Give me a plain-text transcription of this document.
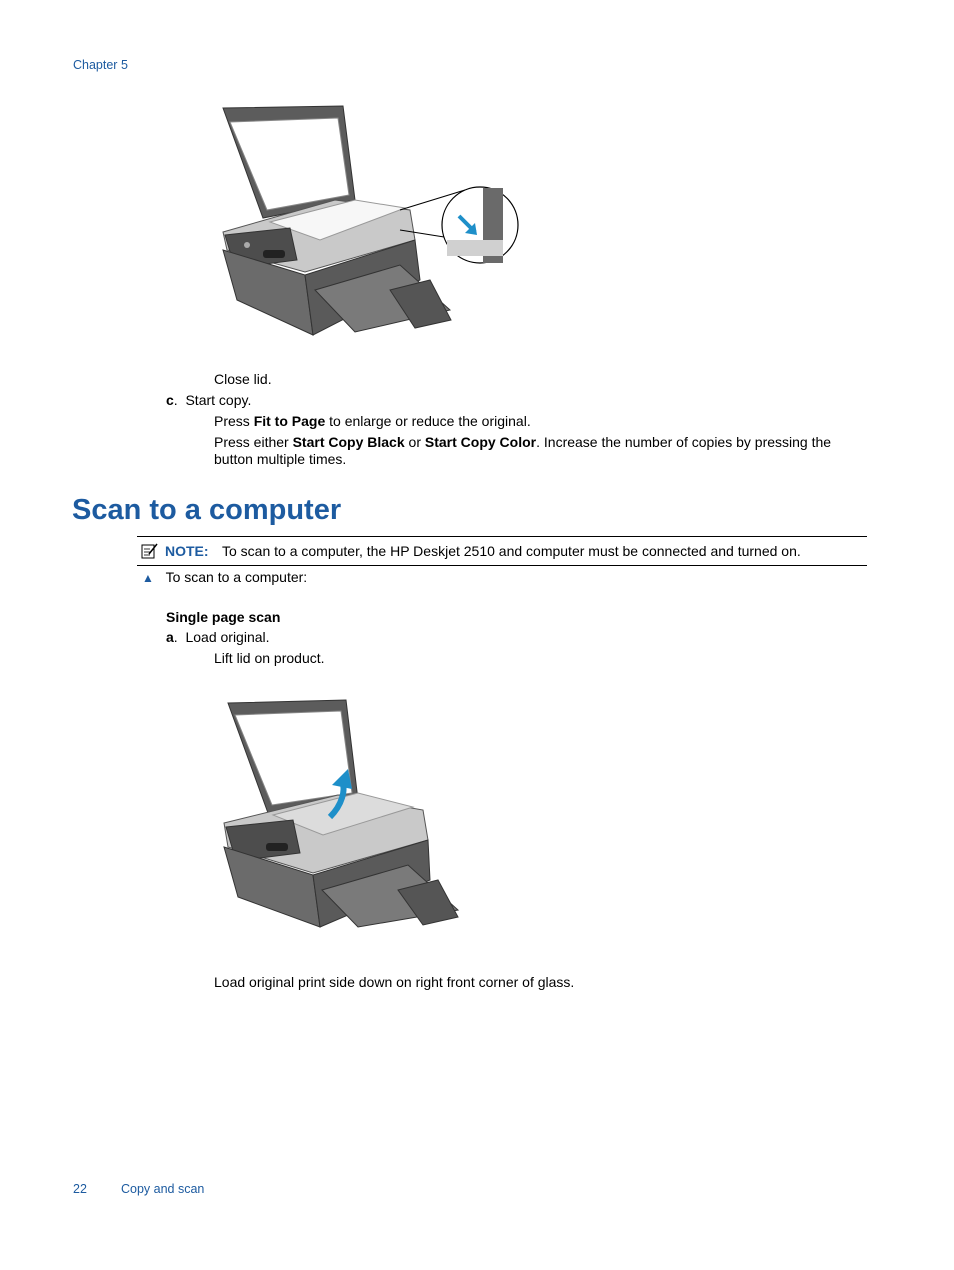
Chapter 5
Close lid.
c.  Start copy.
Press Fit to Page to enlarge or reduce the original.
Press either Start Copy Black or Start Copy Color. Increase the number of copies by pressing the button multiple times.
Scan to a computer
NOTE: To scan to a computer, the HP Deskjet 2510 and computer must be connected and turned on.
▲ To scan to a computer:
Single page scan
a.  Load original.
Lift lid on product.
Load original print side down on right front corner of glass.
22	Copy and scan
